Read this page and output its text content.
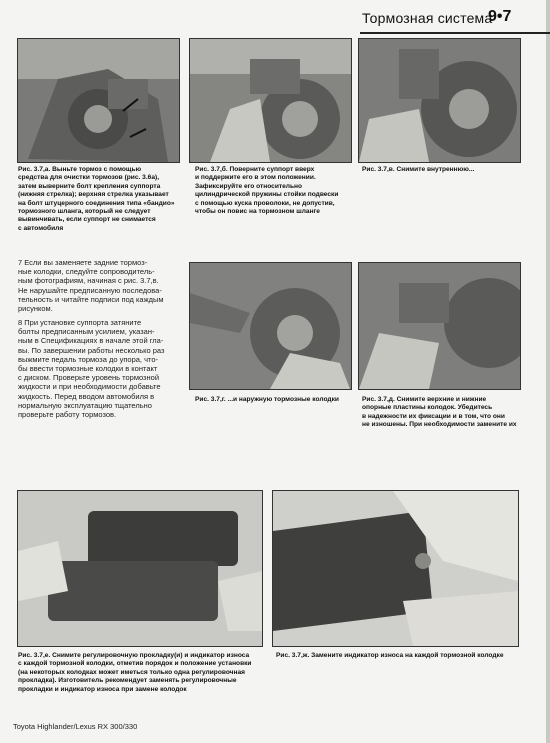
Тормозная система
9•7
Рис. 3.7,а. Выньте тормоз с помощью
средства для очистки тормозов (рис. 3.6а),
затем выверните болт крепления суппорта
(нижняя стрелка); верхняя стрелка указывает
на болт штуцерного соединения типа «бандио»
тормозного шланга, который не следует
вывинчивать, если суппорт не снимается
с автомобиля
Рис. 3.7,б. Поверните суппорт вверх
и поддержите его в этом положении.
Зафиксируйте его относительно
цилиндрической пружины стойки подвески
с помощью куска проволоки, не допустив,
чтобы он повис на тормозном шланге
Рис. 3.7,в. Снимите внутреннюю...
7 Если вы заменяете задние тормоз-
ные колодки, следуйте сопроводитель-
ным фотографиям, начиная с рис. 3.7,в.
Не нарушайте предписанную последова-
тельность и читайте подписи под каждым
рисунком.
8 При установке суппорта затяните
болты предписанным усилием, указан-
ным в Спецификациях в начале этой гла-
вы. По завершении работы несколько раз
выжмите педаль тормоза до упора, что-
бы ввести тормозные колодки в контакт
с диском. Проверьте уровень тормозной
жидкости и при необходимости добавьте
жидкость. Перед вводом автомобиля в
нормальную эксплуатацию тщательно
проверьте работу тормозов.
Рис. 3.7,г. ...и наружную тормозные колодки	Рис. 3.7,д. Снимите верхние и нижние
опорные пластины колодок. Убедитесь
в надежности их фиксации и в том, что они
не изношены. При необходимости замените их
Рис. 3.7,е. Снимите регулировочную прокладку(и) и индикатор износа
с каждой тормозной колодки, отметив порядок и положение установки
(на некоторых колодках может иметься только одна регулировочная
прокладка). Изготовитель рекомендует заменять регулировочные
прокладки и индикатор износа при замене колодок
Рис. 3.7,ж. Замените индикатор износа на каждой тормозной колодке
Toyota Highlander/Lexus RX 300/330
